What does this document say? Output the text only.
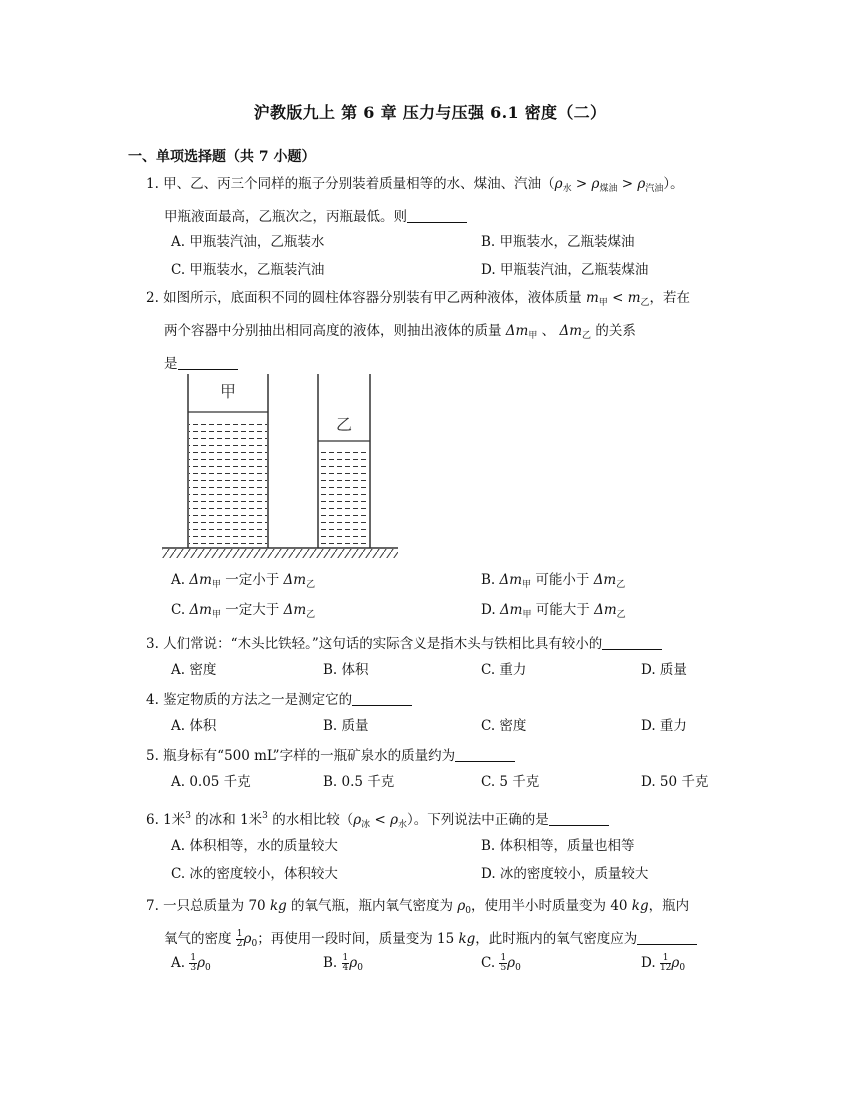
沪教版九上 第 6 章 压力与压强 6.1 密度（二）
一、单项选择题（共 7 小题）
1. 甲、乙、丙三个同样的瓶子分别装着质量相等的水、煤油、汽油$(\rho_水 > \rho_{煤油} > \rho_{汽油})$。
甲瓶液面最高，乙瓶次之，丙瓶最低。则
A. 甲瓶装汽油，乙瓶装水	B. 甲瓶装水，乙瓶装煤油
C. 甲瓶装水，乙瓶装汽油	D. 甲瓶装汽油，乙瓶装煤油
2. 如图所示，底面积不同的圆柱体容器分别装有甲乙两种液体，液体质量 $m_甲 < m_乙$，若在
两个容器中分别抽出相同高度的液体，则抽出液体的质量 $\Delta m_甲$ 、 $\Delta m_乙$ 的关系
是
甲
乙
A. $\Delta m_甲$ 一定小于 $\Delta m_乙$	B. $\Delta m_甲$ 可能小于 $\Delta m_乙$
C. $\Delta m_甲$ 一定大于 $\Delta m_乙$	D. $\Delta m_甲$ 可能大于 $\Delta m_乙$
3. 人们常说：“木头比铁轻。”这句话的实际含义是指木头与铁相比具有较小的
A. 密度	B. 体积	C. 重力	D. 质量
4. 鉴定物质的方法之一是测定它的
A. 体积	B. 质量	C. 密度	D. 重力
5. 瓶身标有“500 mL”字样的一瓶矿泉水的质量约为
A. 0.05 千克	B. 0.5 千克	C. 5 千克	D. 50 千克
6. 1米$^3$ 的冰和 1米$^3$ 的水相比较$(\rho_冰 < \rho_水)$。下列说法中正确的是
A. 体积相等，水的质量较大	B. 体积相等，质量也相等
C. 冰的密度较小，体积较大	D. 冰的密度较小，质量较大
7. 一只总质量为 70 kg 的氧气瓶，瓶内氧气密度为 $\rho_0$，使用半小时质量变为 40 kg，瓶内
氧气的密度 $\frac{1}{2} \rho_0$；再使用一段时间，质量变为 15 kg，此时瓶内的氧气密度应为
A. $\frac{1}{3} \rho_0$	B. $\frac{1}{4} \rho_0$	C. $\frac{1}{5} \rho_0$	D. $\frac{1}{12} \rho_0$
